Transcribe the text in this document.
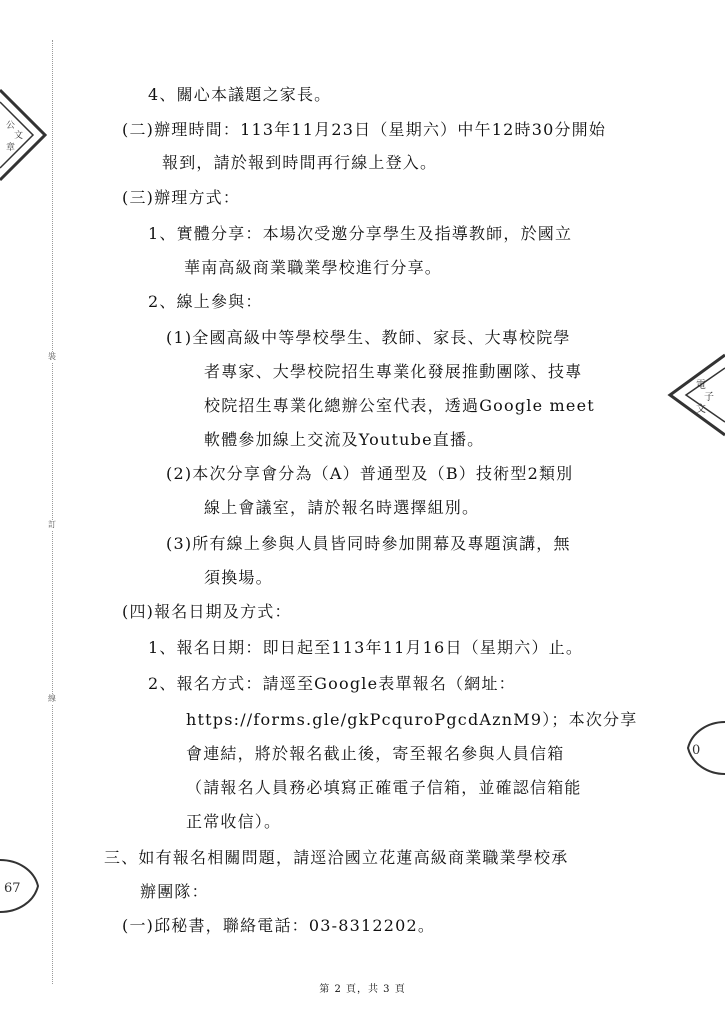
裝
訂
線
公
文
章
電
子
文
0
67
4、關心本議題之家長。
(二)辦理時間：113年11月23日（星期六）中午12時30分開始
報到，請於報到時間再行線上登入。
(三)辦理方式：
1、實體分享：本場次受邀分享學生及指導教師，於國立
華南高級商業職業學校進行分享。
2、線上參與：
(1)全國高級中等學校學生、教師、家長、大專校院學
者專家、大學校院招生專業化發展推動團隊、技專
校院招生專業化總辦公室代表，透過Google meet
軟體參加線上交流及Youtube直播。
(2)本次分享會分為（A）普通型及（B）技術型2類別
線上會議室，請於報名時選擇組別。
(3)所有線上參與人員皆同時參加開幕及專題演講，無
須換場。
(四)報名日期及方式：
1、報名日期：即日起至113年11月16日（星期六）止。
2、報名方式：請逕至Google表單報名（網址：
https://forms.gle/gkPcquroPgcdAznM9）；本次分享
會連結，將於報名截止後，寄至報名參與人員信箱
（請報名人員務必填寫正確電子信箱，並確認信箱能
正常收信）。
三、如有報名相關問題，請逕洽國立花蓮高級商業職業學校承
辦團隊：
(一)邱秘書，聯絡電話：03-8312202。
第 2 頁，共 3 頁
